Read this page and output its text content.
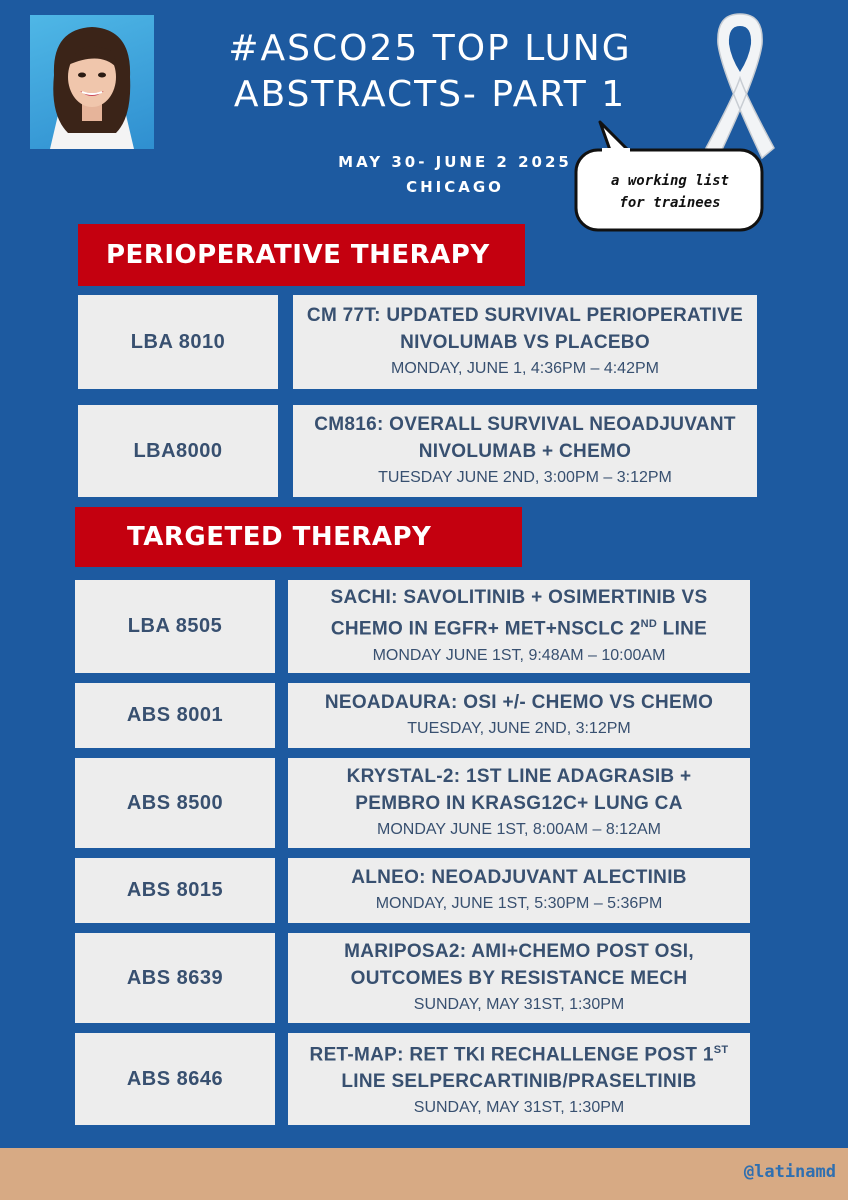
#ASCO25 TOP LUNG
ABSTRACTS- PART 1
MAY 30- JUNE 2 2025
CHICAGO	a working list
for trainees
PERIOPERATIVE THERAPY
LBA 8010
CM 77T: UPDATED SURVIVAL PERIOPERATIVE
NIVOLUMAB VS PLACEBO
MONDAY, JUNE 1, 4:36PM – 4:42PM
LBA8000
CM816: OVERALL SURVIVAL NEOADJUVANT
NIVOLUMAB + CHEMO
TUESDAY JUNE 2ND, 3:00PM – 3:12PM
TARGETED THERAPY
LBA 8505
SACHI: SAVOLITINIB + OSIMERTINIB VS
CHEMO IN EGFR+ MET+NSCLC 2ND LINE
MONDAY JUNE 1ST, 9:48AM – 10:00AM
ABS 8001
NEOADAURA: OSI +/- CHEMO VS CHEMO
TUESDAY, JUNE 2ND, 3:12PM
ABS 8500
KRYSTAL-2: 1ST LINE ADAGRASIB +
PEMBRO IN KRASG12C+ LUNG CA
MONDAY JUNE 1ST, 8:00AM – 8:12AM
ABS 8015
ALNEO: NEOADJUVANT ALECTINIB
MONDAY, JUNE 1ST, 5:30PM – 5:36PM
ABS 8639
MARIPOSA2: AMI+CHEMO POST OSI,
OUTCOMES BY RESISTANCE MECH
SUNDAY, MAY 31ST, 1:30PM
ABS 8646
RET-MAP: RET TKI RECHALLENGE POST 1ST
LINE SELPERCARTINIB/PRASELTINIB
SUNDAY, MAY 31ST, 1:30PM
@latinamd
